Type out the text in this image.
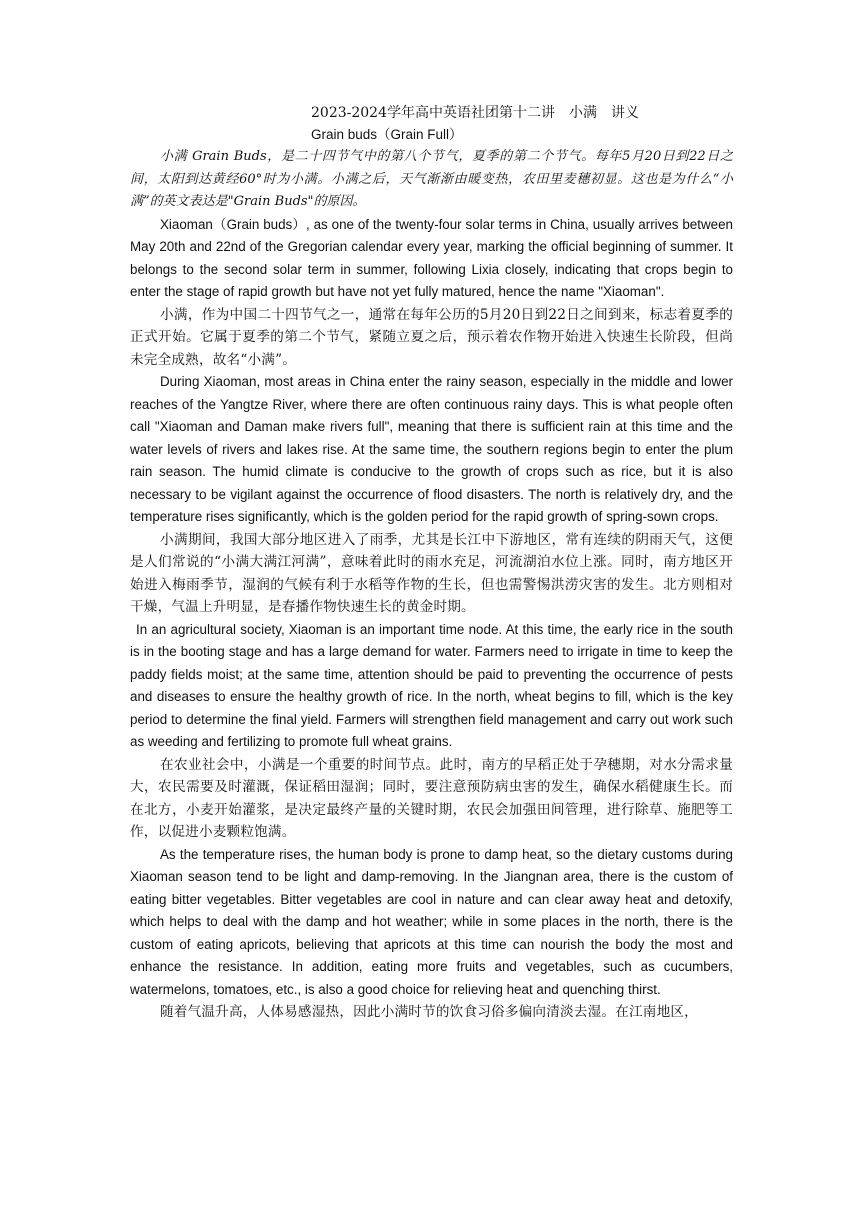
2023-2024学年高中英语社团第十二讲　小满　讲义
Grain buds（Grain Full）

小满 Grain Buds，是二十四节气中的第八个节气，夏季的第二个节气。每年5月20日到22日之间，太阳到达黄经60°时为小满。小满之后，天气渐渐由暖变热，农田里麦穗初显。这也是为什么“小满”的英文表达是"Grain Buds"的原因。

Xiaoman（Grain buds）, as one of the twenty-four solar terms in China, usually arrives between May 20th and 22nd of the Gregorian calendar every year, marking the official beginning of summer. It belongs to the second solar term in summer, following Lixia closely, indicating that crops begin to enter the stage of rapid growth but have not yet fully matured, hence the name "Xiaoman".

小满，作为中国二十四节气之一，通常在每年公历的5月20日到22日之间到来，标志着夏季的正式开始。它属于夏季的第二个节气，紧随立夏之后，预示着农作物开始进入快速生长阶段，但尚未完全成熟，故名“小满”。

During Xiaoman, most areas in China enter the rainy season, especially in the middle and lower reaches of the Yangtze River, where there are often continuous rainy days. This is what people often call "Xiaoman and Daman make rivers full", meaning that there is sufficient rain at this time and the water levels of rivers and lakes rise. At the same time, the southern regions begin to enter the plum rain season. The humid climate is conducive to the growth of crops such as rice, but it is also necessary to be vigilant against the occurrence of flood disasters. The north is relatively dry, and the temperature rises significantly, which is the golden period for the rapid growth of spring-sown crops.

小满期间，我国大部分地区进入了雨季，尤其是长江中下游地区，常有连续的阴雨天气，这便是人们常说的“小满大满江河满”，意味着此时的雨水充足，河流湖泊水位上涨。同时，南方地区开始进入梅雨季节，湿润的气候有利于水稻等作物的生长，但也需警惕洪涝灾害的发生。北方则相对干燥，气温上升明显，是春播作物快速生长的黄金时期。

In an agricultural society, Xiaoman is an important time node. At this time, the early rice in the south is in the booting stage and has a large demand for water. Farmers need to irrigate in time to keep the paddy fields moist; at the same time, attention should be paid to preventing the occurrence of pests and diseases to ensure the healthy growth of rice. In the north, wheat begins to fill, which is the key period to determine the final yield. Farmers will strengthen field management and carry out work such as weeding and fertilizing to promote full wheat grains.

在农业社会中，小满是一个重要的时间节点。此时，南方的早稻正处于孕穗期，对水分需求量大，农民需要及时灌溉，保证稻田湿润；同时，要注意预防病虫害的发生，确保水稻健康生长。而在北方，小麦开始灌浆，是决定最终产量的关键时期，农民会加强田间管理，进行除草、施肥等工作，以促进小麦颗粒饱满。

As the temperature rises, the human body is prone to damp heat, so the dietary customs during Xiaoman season tend to be light and damp-removing. In the Jiangnan area, there is the custom of eating bitter vegetables. Bitter vegetables are cool in nature and can clear away heat and detoxify, which helps to deal with the damp and hot weather; while in some places in the north, there is the custom of eating apricots, believing that apricots at this time can nourish the body the most and enhance the resistance. In addition, eating more fruits and vegetables, such as cucumbers, watermelons, tomatoes, etc., is also a good choice for relieving heat and quenching thirst.

随着气温升高，人体易感湿热，因此小满时节的饮食习俗多偏向清淡去湿。在江南地区，
